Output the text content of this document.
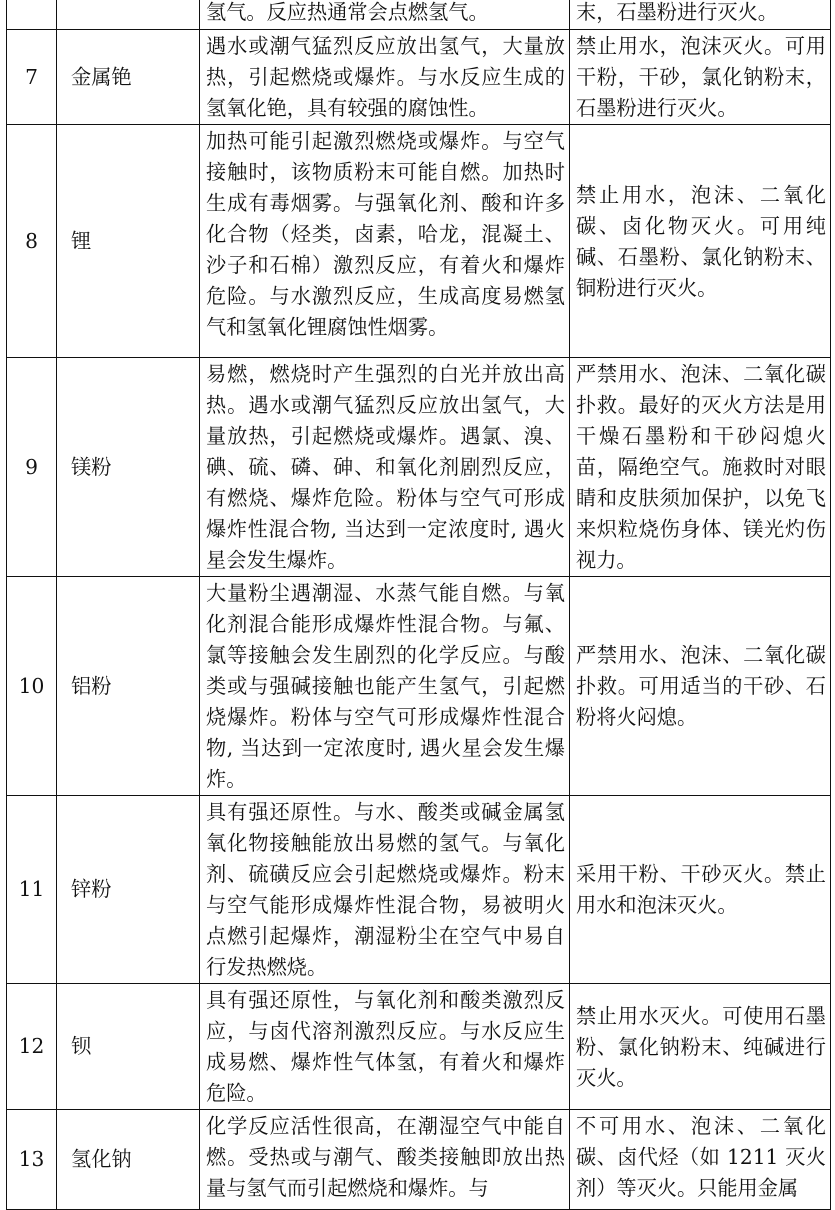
		氢气。反应热通常会点燃氢气。	末，石墨粉进行灭火。
7	金属铯	遇水或潮气猛烈反应放出氢气，大量放热，引起燃烧或爆炸。与水反应生成的氢氧化铯，具有较强的腐蚀性。	禁止用水，泡沫灭火。可用干粉，干砂，氯化钠粉末，石墨粉进行灭火。
8	锂	加热可能引起激烈燃烧或爆炸。与空气接触时，该物质粉末可能自燃。加热时生成有毒烟雾。与强氧化剂、酸和许多化合物（烃类，卤素，哈龙，混凝土、沙子和石棉）激烈反应，有着火和爆炸危险。与水激烈反应，生成高度易燃氢气和氢氧化锂腐蚀性烟雾。	禁止用水，泡沫、二氧化碳、卤化物灭火。可用纯碱、石墨粉、氯化钠粉末、铜粉进行灭火。
9	镁粉	易燃，燃烧时产生强烈的白光并放出高热。遇水或潮气猛烈反应放出氢气，大量放热，引起燃烧或爆炸。遇氯、溴、碘、硫、磷、砷、和氧化剂剧烈反应，有燃烧、爆炸危险。粉体与空气可形成爆炸性混合物, 当达到一定浓度时, 遇火星会发生爆炸。	严禁用水、泡沫、二氧化碳扑救。最好的灭火方法是用干燥石墨粉和干砂闷熄火苗，隔绝空气。施救时对眼睛和皮肤须加保护，以免飞来炽粒烧伤身体、镁光灼伤视力。
10	铝粉	大量粉尘遇潮湿、水蒸气能自燃。与氧化剂混合能形成爆炸性混合物。与氟、氯等接触会发生剧烈的化学反应。与酸类或与强碱接触也能产生氢气，引起燃烧爆炸。粉体与空气可形成爆炸性混合物, 当达到一定浓度时, 遇火星会发生爆炸。	严禁用水、泡沫、二氧化碳扑救。可用适当的干砂、石粉将火闷熄。
11	锌粉	具有强还原性。与水、酸类或碱金属氢氧化物接触能放出易燃的氢气。与氧化剂、硫磺反应会引起燃烧或爆炸。粉末与空气能形成爆炸性混合物，易被明火点燃引起爆炸，潮湿粉尘在空气中易自行发热燃烧。	采用干粉、干砂灭火。禁止用水和泡沫灭火。
12	钡	具有强还原性，与氧化剂和酸类激烈反应，与卤代溶剂激烈反应。与水反应生成易燃、爆炸性气体氢，有着火和爆炸危险。	禁止用水灭火。可使用石墨粉、氯化钠粉末、纯碱进行灭火。
13	氢化钠	化学反应活性很高，在潮湿空气中能自燃。受热或与潮气、酸类接触即放出热量与氢气而引起燃烧和爆炸。与	不可用水、泡沫、二氧化碳、卤代烃（如 1211 灭火剂）等灭火。只能用金属
